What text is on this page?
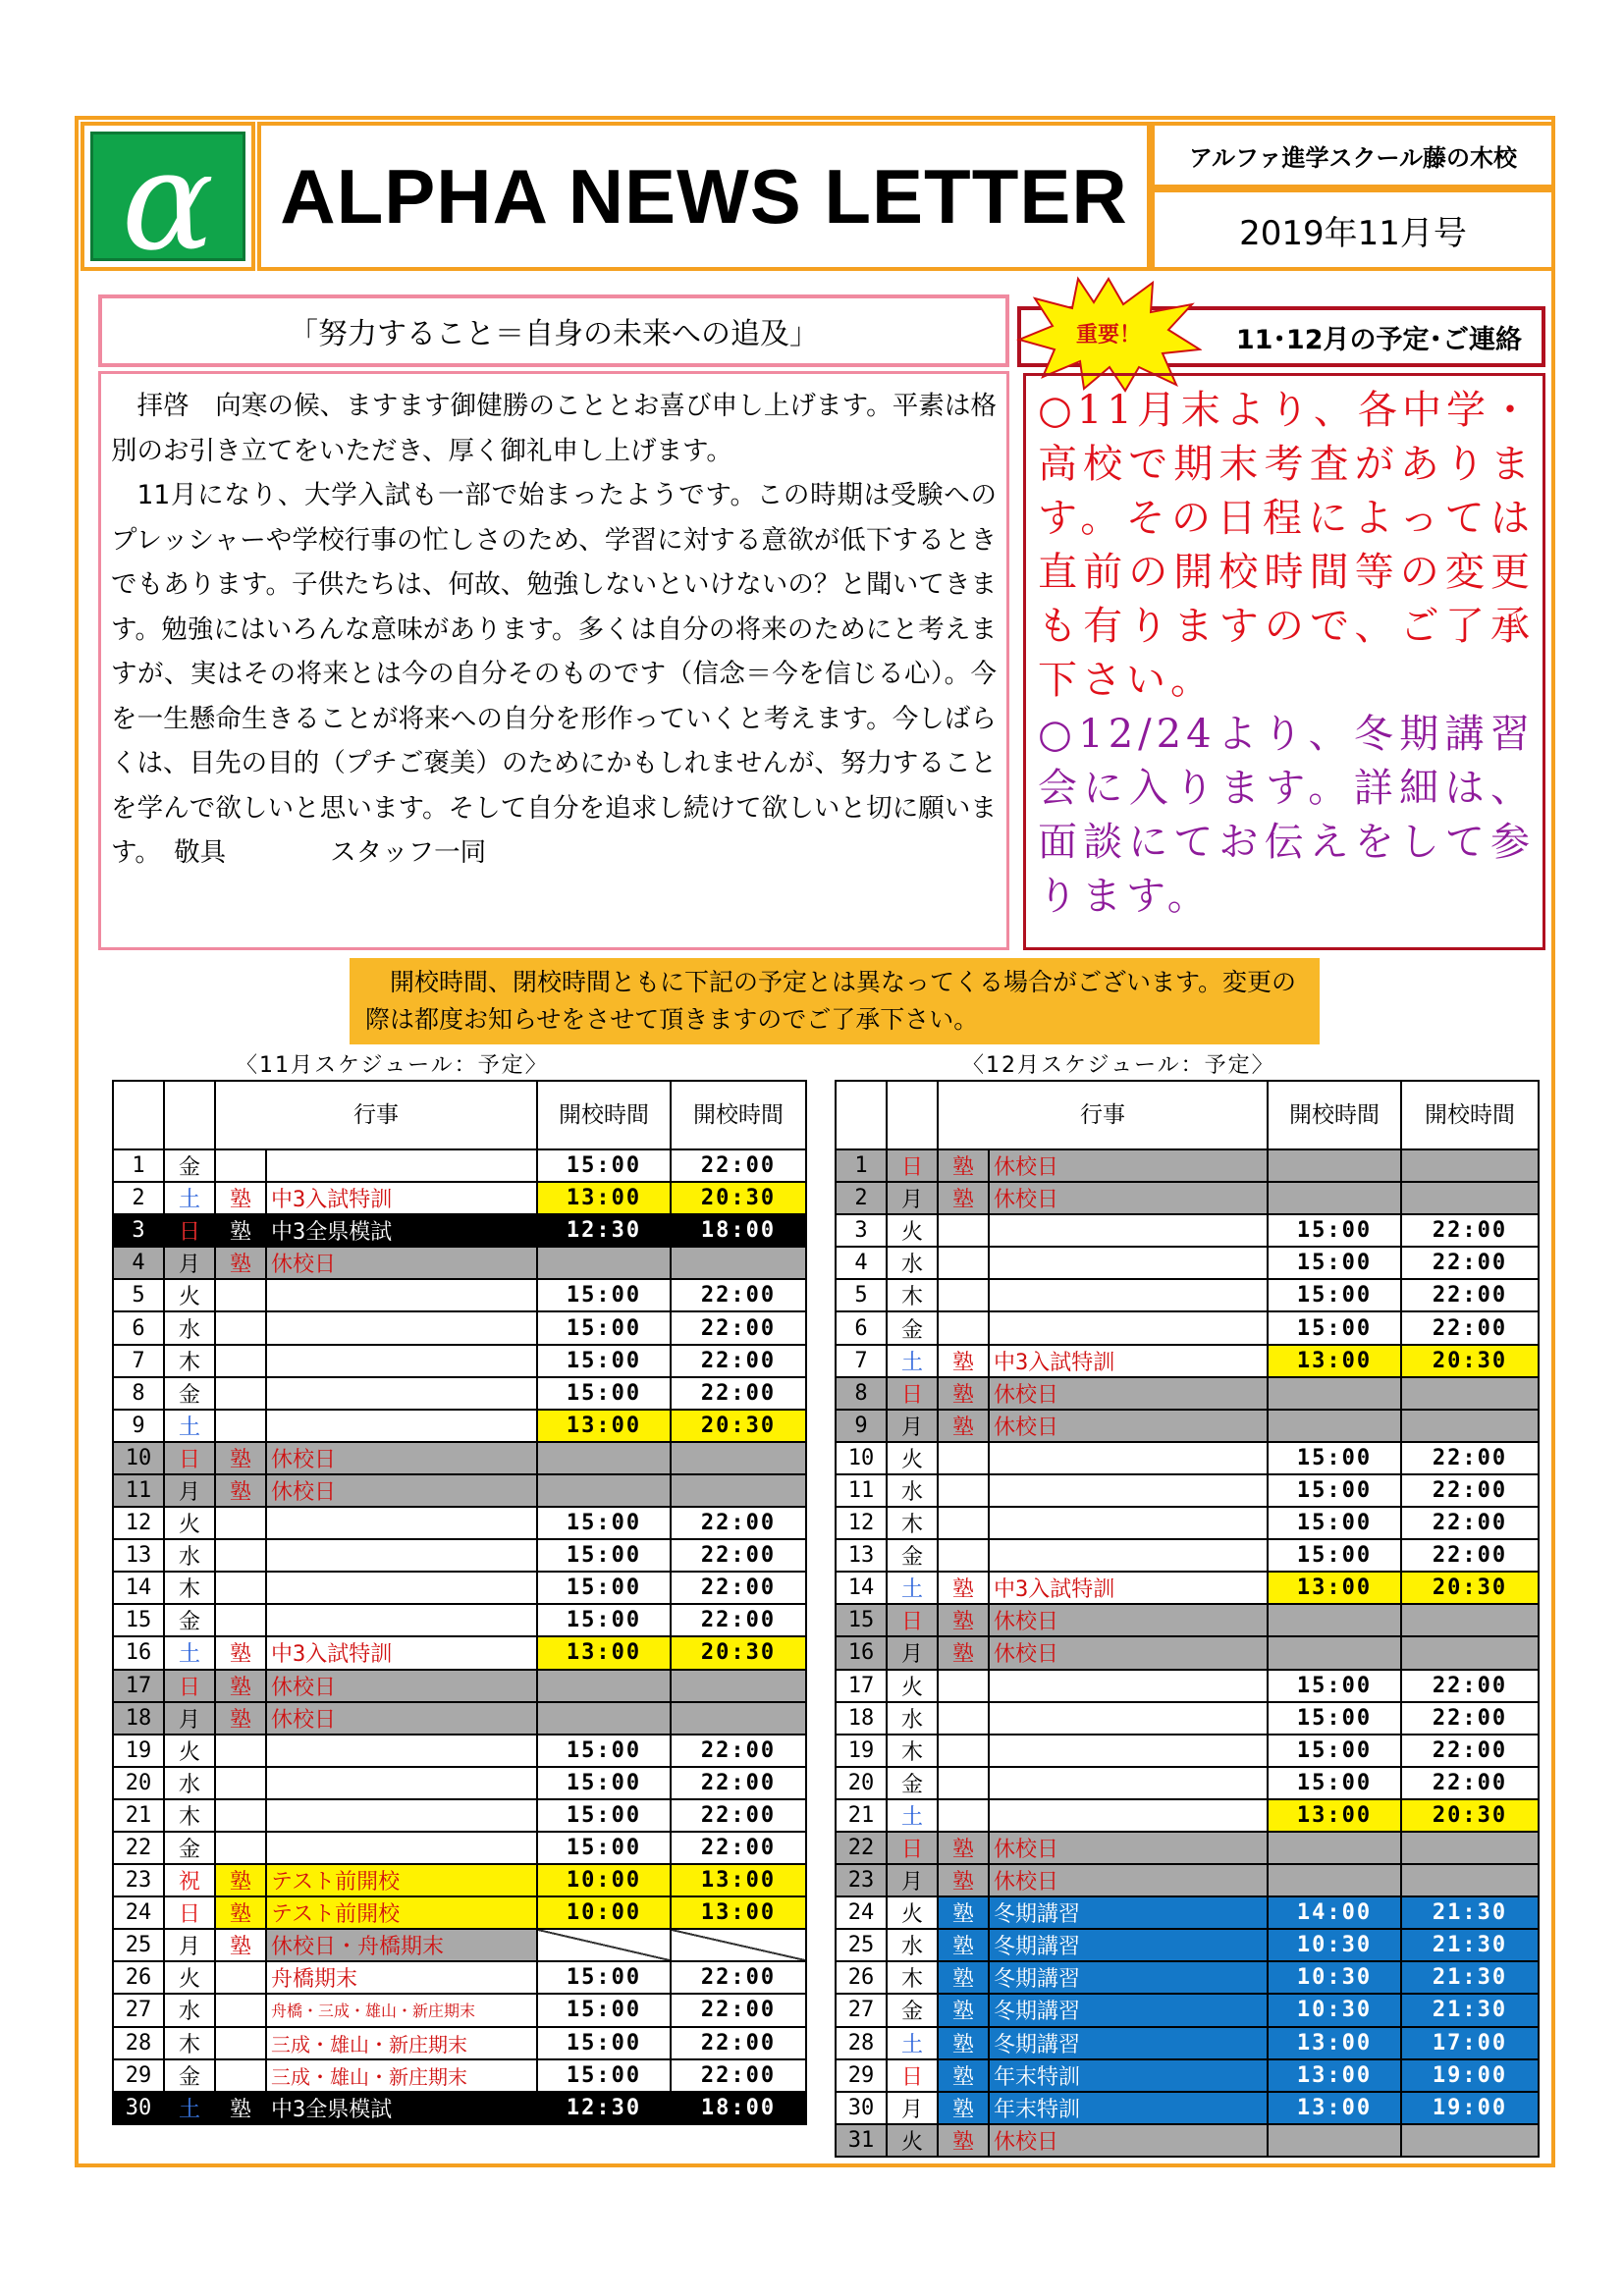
α ALPHA NEWS LETTER	アルファ進学スクール藤の木校
2019年11月号
「努力すること＝自身の未来への追及」

拝啓　向寒の候、ますます御健勝のこととお喜び申し上げます。平素は格別のお引き立てをいただき、厚く御礼申し上げます。

11月になり、大学入試も一部で始まったようです。この時期は受験へのプレッシャーや学校行事の忙しさのため、学習に対する意欲が低下するときでもあります。子供たちは、何故、勉強しないといけないの？と聞いてきます。勉強にはいろんな意味があります。多くは自分の将来のためにと考えますが、実はその将来とは今の自分そのものです（信念＝今を信じる心）。今を一生懸命生きることが将来への自分を形作っていくと考えます。今しばらくは、目先の目的（プチご褒美）のためにかもしれませんが、努力することを学んで欲しいと思います。そして自分を追求し続けて欲しいと切に願います。　敬具　　　　スタッフ一同

11･12月の予定･ご連絡
重要！
○11月末より、各中学・高校で期末考査があります。その日程によっては直前の開校時間等の変更も有りますので、ご了承下さい。
○12/24より、冬期講習会に入ります。詳細は、面談にてお伝えをして参ります。

開校時間、閉校時間ともに下記の予定とは異なってくる場合がございます。変更の際は都度お知らせをさせて頂きますのでご了承下さい。

〈11月スケジュール：予定〉	〈12月スケジュール：予定〉
		行事		開校時間	開校時間
1	金			15:00	22:00
2	土	塾	中3入試特訓	13:00	20:30
3	日	塾	中3全県模試	12:30	18:00
4	月	塾	休校日		
5	火			15:00	22:00
6	水			15:00	22:00
7	木			15:00	22:00
8	金			15:00	22:00
9	土			13:00	20:30
10	日	塾	休校日		
11	月	塾	休校日		
12	火			15:00	22:00
13	水			15:00	22:00
14	木			15:00	22:00
15	金			15:00	22:00
16	土	塾	中3入試特訓	13:00	20:30
17	日	塾	休校日		
18	月	塾	休校日		
19	火			15:00	22:00
20	水			15:00	22:00
21	木			15:00	22:00
22	金			15:00	22:00
23	祝	塾	テスト前開校	10:00	13:00
24	日	塾	テスト前開校	10:00	13:00
25	月	塾	休校日・舟橋期末		
26	火		舟橋期末	15:00	22:00
27	水		舟橋・三成・雄山・新庄期末	15:00	22:00
28	木		三成・雄山・新庄期末	15:00	22:00
29	金		三成・雄山・新庄期末	15:00	22:00
30	土	塾	中3全県模試	12:30	18:00
		行事		開校時間	開校時間
1	日	塾	休校日		
2	月	塾	休校日		
3	火			15:00	22:00
4	水			15:00	22:00
5	木			15:00	22:00
6	金			15:00	22:00
7	土	塾	中3入試特訓	13:00	20:30
8	日	塾	休校日		
9	月	塾	休校日		
10	火			15:00	22:00
11	水			15:00	22:00
12	木			15:00	22:00
13	金			15:00	22:00
14	土	塾	中3入試特訓	13:00	20:30
15	日	塾	休校日		
16	月	塾	休校日		
17	火			15:00	22:00
18	水			15:00	22:00
19	木			15:00	22:00
20	金			15:00	22:00
21	土			13:00	20:30
22	日	塾	休校日		
23	月	塾	休校日		
24	火	塾	冬期講習	14:00	21:30
25	水	塾	冬期講習	10:30	21:30
26	木	塾	冬期講習	10:30	21:30
27	金	塾	冬期講習	10:30	21:30
28	土	塾	冬期講習	13:00	17:00
29	日	塾	年末特訓	13:00	19:00
30	月	塾	年末特訓	13:00	19:00
31	火	塾	休校日		
